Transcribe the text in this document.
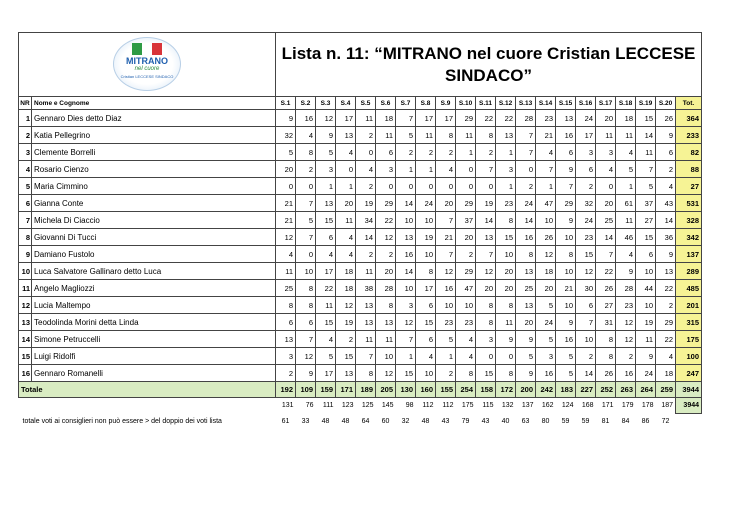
MITRANO
nel cuore
Cristian LECCESE SINDACO		Lista n. 11: “MITRANO nel cuore Cristian LECCESE SINDACO”																				
NR	Nome e Cognome	S.1	S.2	S.3	S.4	S.5	S.6	S.7	S.8	S.9	S.10	S.11	S.12	S.13	S.14	S.15	S.16	S.17	S.18	S.19	S.20	Tot.
1	Gennaro Dies detto Diaz	9	16	12	17	11	18	7	17	17	29	22	22	28	23	13	24	20	18	15	26	364
2	Katia Pellegrino	32	4	9	13	2	11	5	11	8	11	8	13	7	21	16	17	11	11	14	9	233
3	Clemente Borrelli	5	8	5	4	0	6	2	2	2	1	2	1	7	4	6	3	3	4	11	6	82
4	Rosario Cienzo	20	2	3	0	4	3	1	1	4	0	7	3	0	7	9	6	4	5	7	2	88
5	Maria Cimmino	0	0	1	1	2	0	0	0	0	0	0	1	2	1	7	2	0	1	5	4	27
6	Gianna Conte	21	7	13	20	19	29	14	24	20	29	19	23	24	47	29	32	20	61	37	43	531
7	Michela Di Ciaccio	21	5	15	11	34	22	10	10	7	37	14	8	14	10	9	24	25	11	27	14	328
8	Giovanni Di Tucci	12	7	6	4	14	12	13	19	21	20	13	15	16	26	10	23	14	46	15	36	342
9	Damiano Fustolo	4	0	4	4	2	2	16	10	7	2	7	10	8	12	8	15	7	4	6	9	137
10	Luca Salvatore Gallinaro detto Luca	11	10	17	18	11	20	14	8	12	29	12	20	13	18	10	12	22	9	10	13	289
11	Angelo Magliozzi	25	8	22	18	38	28	10	17	16	47	20	20	25	20	21	30	26	28	44	22	485
12	Lucia Maltempo	8	8	11	12	13	8	3	6	10	10	8	8	13	5	10	6	27	23	10	2	201
13	Teodolinda Morini detta Linda	6	6	15	19	13	13	12	15	23	23	8	11	20	24	9	7	31	12	19	29	315
14	Simone Petruccelli	13	7	4	2	11	11	7	6	5	4	3	9	9	5	16	10	8	12	11	22	175
15	Luigi Ridolfi	3	12	5	15	7	10	1	4	1	4	0	0	5	3	5	2	8	2	9	4	100
16	Gennaro Romanelli	2	9	17	13	8	12	15	10	2	8	15	8	9	16	5	14	26	16	24	18	247
Totale		192	109	159	171	189	205	130	160	155	254	158	172	200	242	183	227	252	263	264	259	3944
		131	76	111	123	125	145	98	112	112	175	115	132	137	162	124	168	171	179	178	187	3944
totale voti ai consiglieri non può essere > del doppio dei voti lista		61	33	48	48	64	60	32	48	43	79	43	40	63	80	59	59	81	84	86	72	
